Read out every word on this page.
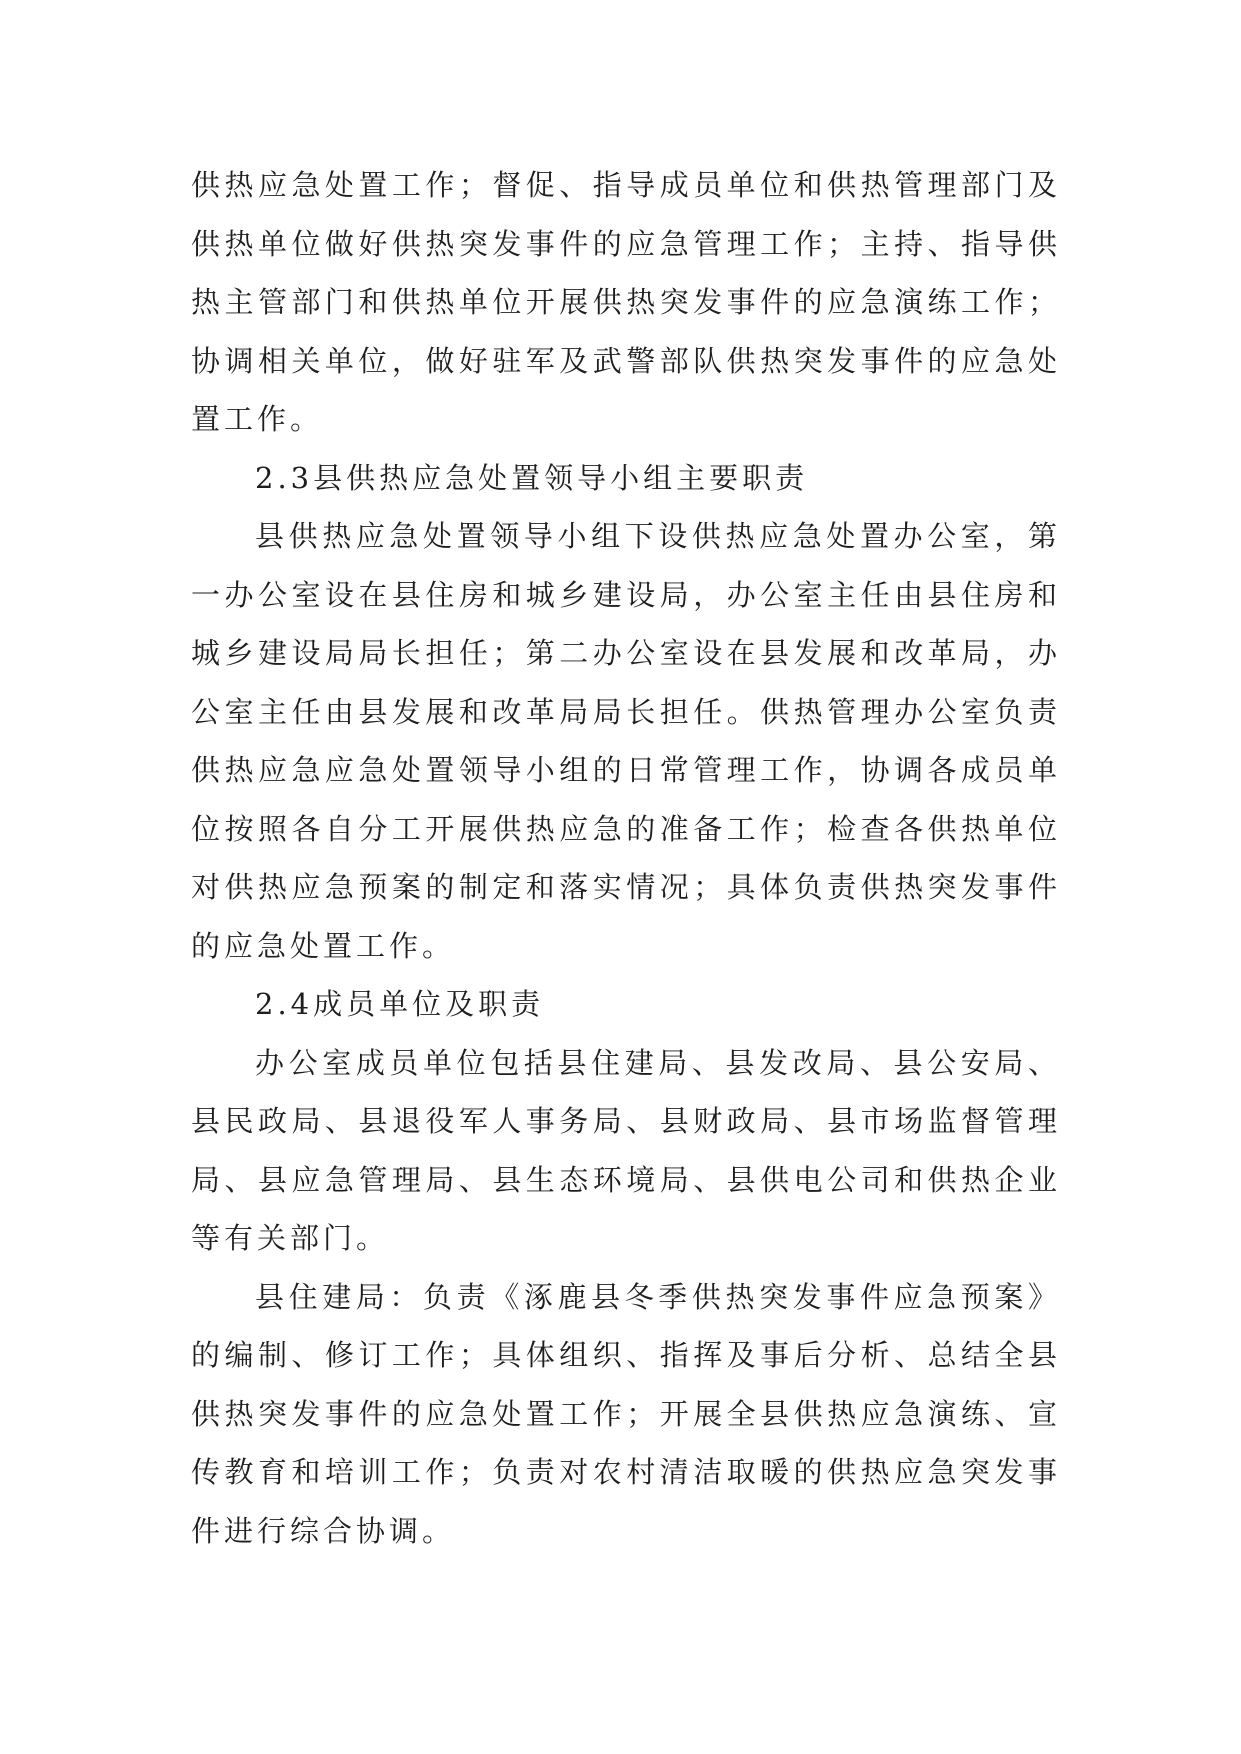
供热应急处置工作；督促、指导成员单位和供热管理部门及供热单位做好供热突发事件的应急管理工作；主持、指导供热主管部门和供热单位开展供热突发事件的应急演练工作；协调相关单位，做好驻军及武警部队供热突发事件的应急处置工作。

2.3县供热应急处置领导小组主要职责

县供热应急处置领导小组下设供热应急处置办公室，第一办公室设在县住房和城乡建设局，办公室主任由县住房和城乡建设局局长担任；第二办公室设在县发展和改革局，办公室主任由县发展和改革局局长担任。供热管理办公室负责供热应急应急处置领导小组的日常管理工作，协调各成员单位按照各自分工开展供热应急的准备工作；检查各供热单位对供热应急预案的制定和落实情况；具体负责供热突发事件的应急处置工作。

2.4成员单位及职责

办公室成员单位包括县住建局、县发改局、县公安局、县民政局、县退役军人事务局、县财政局、县市场监督管理局、县应急管理局、县生态环境局、县供电公司和供热企业等有关部门。

县住建局：负责《涿鹿县冬季供热突发事件应急预案》的编制、修订工作；具体组织、指挥及事后分析、总结全县供热突发事件的应急处置工作；开展全县供热应急演练、宣传教育和培训工作；负责对农村清洁取暖的供热应急突发事件进行综合协调。
